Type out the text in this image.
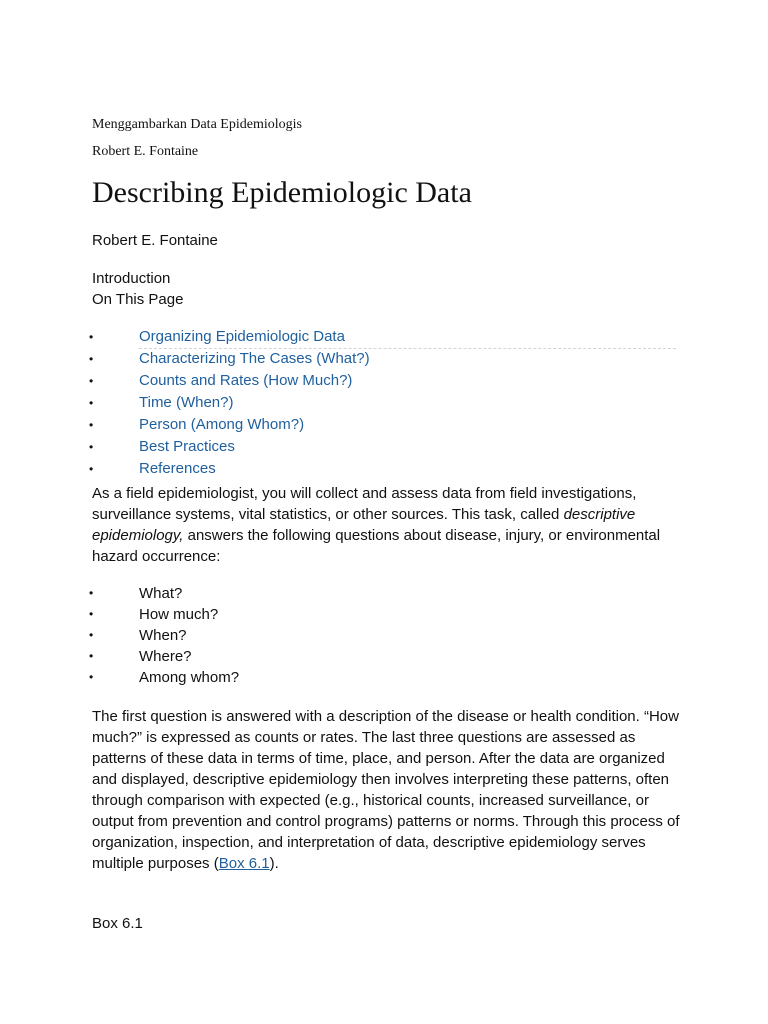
Menggambarkan Data Epidemiologis
Robert E. Fontaine
Describing Epidemiologic Data

Robert E. Fontaine

Introduction

On This Page

•	Organizing Epidemiologic Data
•	Characterizing The Cases (What?)
•	Counts and Rates (How Much?)
•	Time (When?)
•	Person (Among Whom?)
•	Best Practices
•	References

As a field epidemiologist, you will collect and assess data from field investigations, surveillance systems, vital statistics, or other sources. This task, called descriptive epidemiology, answers the following questions about disease, injury, or environmental hazard occurrence:

•	What?
•	How much?
•	When?
•	Where?
•	Among whom?

The first question is answered with a description of the disease or health condition. “How much?” is expressed as counts or rates. The last three questions are assessed as patterns of these data in terms of time, place, and person. After the data are organized and displayed, descriptive epidemiology then involves interpreting these patterns, often through comparison with expected (e.g., historical counts, increased surveillance, or output from prevention and control programs) patterns or norms. Through this process of organization, inspection, and interpretation of data, descriptive epidemiology serves multiple purposes (Box 6.1).

Box 6.1
